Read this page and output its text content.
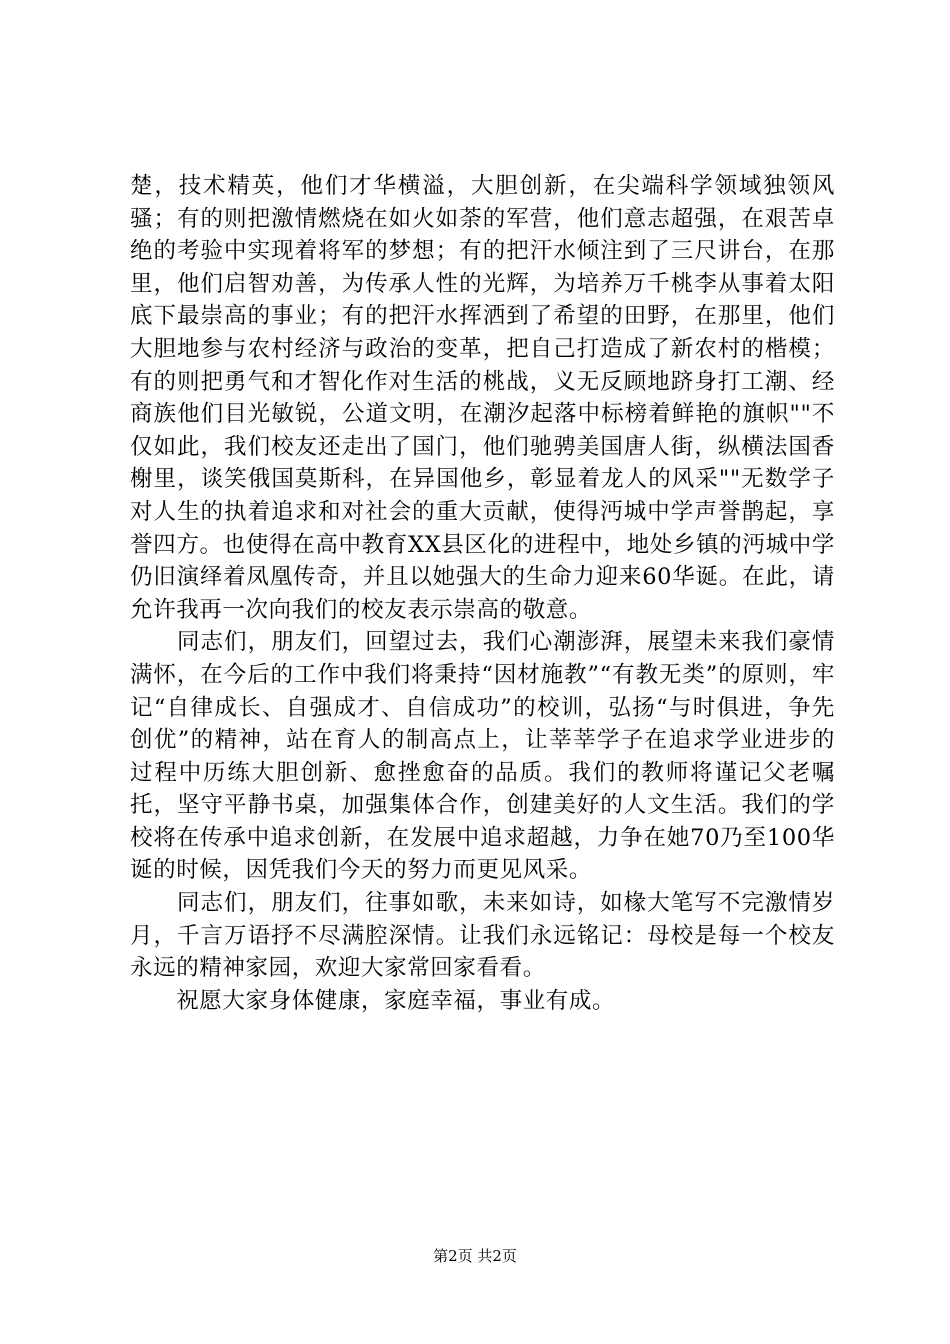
楚，技术精英，他们才华横溢，大胆创新，在尖端科学领域独领风骚；有的则把激情燃烧在如火如荼的军营，他们意志超强，在艰苦卓绝的考验中实现着将军的梦想；有的把汗水倾注到了三尺讲台，在那里，他们启智劝善，为传承人性的光辉，为培养万千桃李从事着太阳底下最崇高的事业；有的把汗水挥洒到了希望的田野，在那里，他们大胆地参与农村经济与政治的变革，把自己打造成了新农村的楷模；有的则把勇气和才智化作对生活的桃战，义无反顾地跻身打工潮、经商族他们目光敏锐，公道文明，在潮汐起落中标榜着鲜艳的旗帜""不仅如此，我们校友还走出了国门，他们驰骋美国唐人街，纵横法国香榭里，谈笑俄国莫斯科，在异国他乡，彰显着龙人的风采""无数学子对人生的执着追求和对社会的重大贡献，使得沔城中学声誉鹊起，享誉四方。也使得在高中教育XX县区化的进程中，地处乡镇的沔城中学仍旧演绎着凤凰传奇，并且以她强大的生命力迎来60华诞。在此，请允许我再一次向我们的校友表示崇高的敬意。

　　同志们，朋友们，回望过去，我们心潮澎湃，展望未来我们豪情满怀，在今后的工作中我们将秉持“因材施教”“有教无类”的原则，牢记“自律成长、自强成才、自信成功”的校训，弘扬“与时俱进，争先创优”的精神，站在育人的制高点上，让莘莘学子在追求学业进步的过程中历练大胆创新、愈挫愈奋的品质。我们的教师将谨记父老嘱托，坚守平静书桌，加强集体合作，创建美好的人文生活。我们的学校将在传承中追求创新，在发展中追求超越，力争在她70乃至100华诞的时候，因凭我们今天的努力而更见风采。

　　同志们，朋友们，往事如歌，未来如诗，如椽大笔写不完激情岁月，千言万语抒不尽满腔深情。让我们永远铭记：母校是每一个校友永远的精神家园，欢迎大家常回家看看。

　　祝愿大家身体健康，家庭幸福，事业有成。

第2页 共2页
